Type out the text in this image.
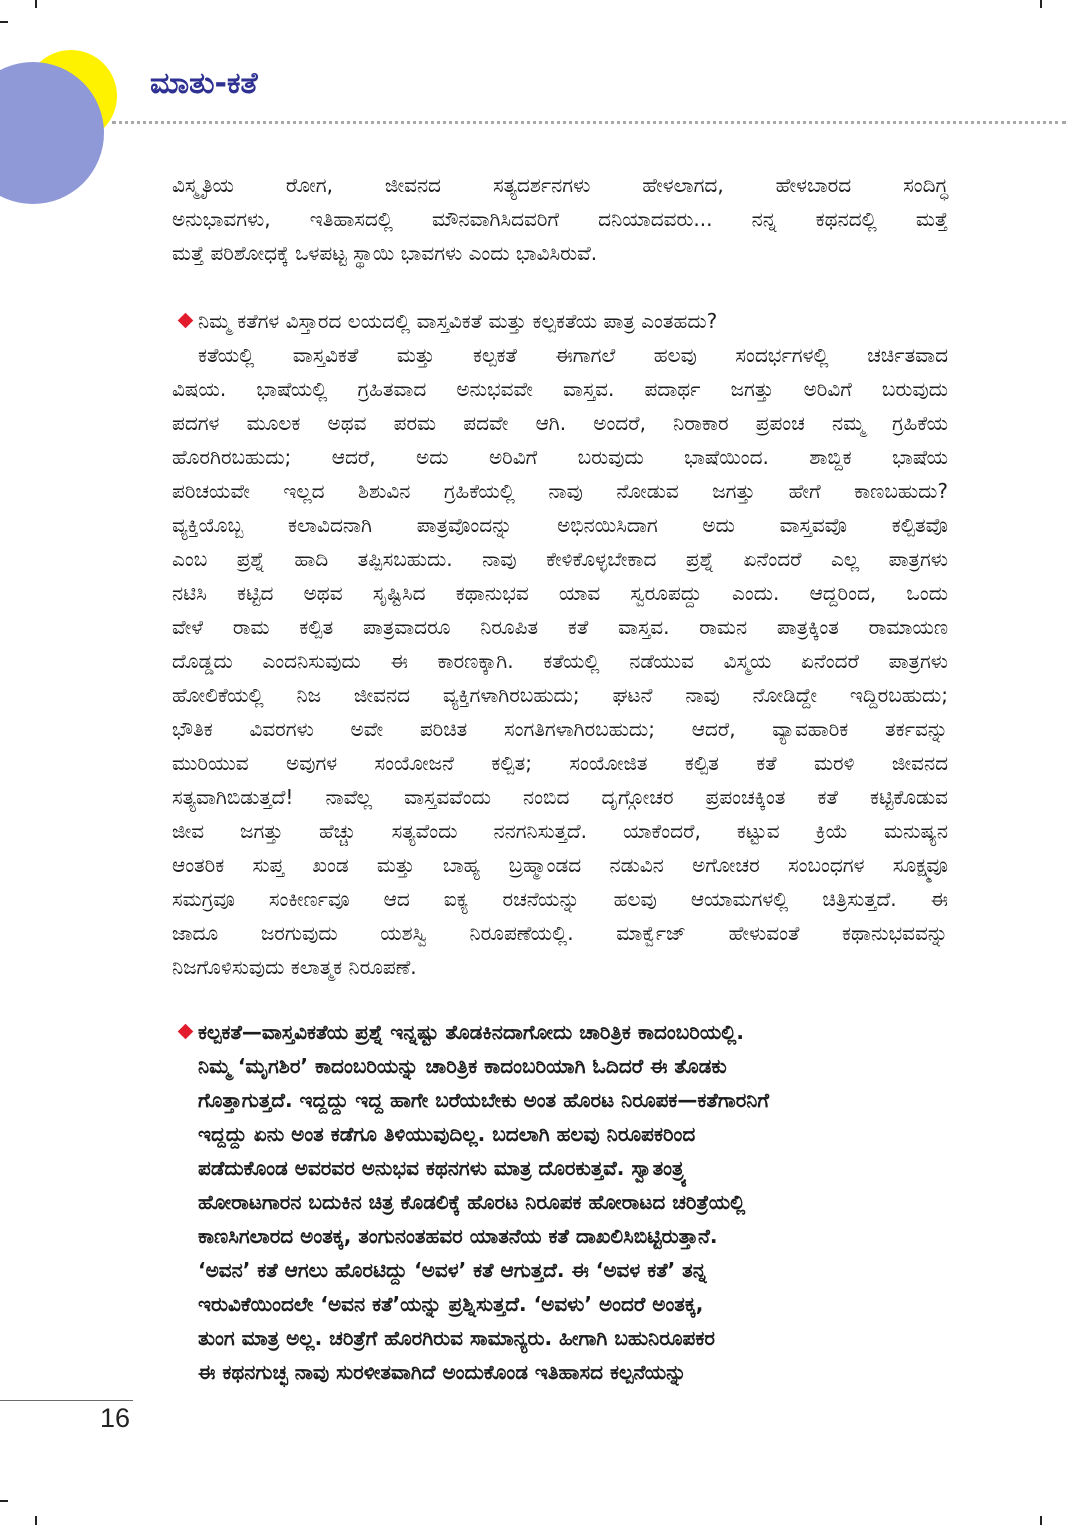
ಮಾತು-ಕತೆ
ವಿಸ್ಮೃತಿಯ ರೋಗ, ಜೀವನದ ಸತ್ಯದರ್ಶನಗಳು ಹೇಳಲಾಗದ, ಹೇಳಬಾರದ ಸಂದಿಗ್ಧ
ಅನುಭಾವಗಳು, ಇತಿಹಾಸದಲ್ಲಿ ಮೌನವಾಗಿಸಿದವರಿಗೆ ದನಿಯಾದವರು... ನನ್ನ ಕಥನದಲ್ಲಿ ಮತ್ತೆ
ಮತ್ತೆ ಪರಿಶೋಧಕ್ಕೆ ಒಳಪಟ್ಟ ಸ್ಥಾಯಿ ಭಾವಗಳು ಎಂದು ಭಾವಿಸಿರುವೆ.
ನಿಮ್ಮ ಕತೆಗಳ ವಿಸ್ತಾರದ ಲಯದಲ್ಲಿ ವಾಸ್ತವಿಕತೆ ಮತ್ತು ಕಲ್ಪಕತೆಯ ಪಾತ್ರ ಎಂತಹದು?
ಕತೆಯಲ್ಲಿ ವಾಸ್ತವಿಕತೆ ಮತ್ತು ಕಲ್ಪಕತೆ ಈಗಾಗಲೆ ಹಲವು ಸಂದರ್ಭಗಳಲ್ಲಿ ಚರ್ಚಿತವಾದ
ವಿಷಯ. ಭಾಷೆಯಲ್ಲಿ ಗ್ರಹಿತವಾದ ಅನುಭವವೇ ವಾಸ್ತವ. ಪದಾರ್ಥ ಜಗತ್ತು ಅರಿವಿಗೆ ಬರುವುದು
ಪದಗಳ ಮೂಲಕ ಅಥವ ಪರಮ ಪದವೇ ಆಗಿ. ಅಂದರೆ, ನಿರಾಕಾರ ಪ್ರಪಂಚ ನಮ್ಮ ಗ್ರಹಿಕೆಯ
ಹೊರಗಿರಬಹುದು; ಆದರೆ, ಅದು ಅರಿವಿಗೆ ಬರುವುದು ಭಾಷೆಯಿಂದ. ಶಾಬ್ದಿಕ ಭಾಷೆಯ
ಪರಿಚಯವೇ ಇಲ್ಲದ ಶಿಶುವಿನ ಗ್ರಹಿಕೆಯಲ್ಲಿ ನಾವು ನೋಡುವ ಜಗತ್ತು ಹೇಗೆ ಕಾಣಬಹುದು?
ವ್ಯಕ್ತಿಯೊಬ್ಬ ಕಲಾವಿದನಾಗಿ ಪಾತ್ರವೊಂದನ್ನು ಅಭಿನಯಿಸಿದಾಗ ಅದು ವಾಸ್ತವವೊ ಕಲ್ಪಿತವೊ
ಎಂಬ ಪ್ರಶ್ನೆ ಹಾದಿ ತಪ್ಪಿಸಬಹುದು. ನಾವು ಕೇಳಿಕೊಳ್ಳಬೇಕಾದ ಪ್ರಶ್ನೆ ಏನೆಂದರೆ ಎಲ್ಲ ಪಾತ್ರಗಳು
ನಟಿಸಿ ಕಟ್ಟಿದ ಅಥವ ಸೃಷ್ಟಿಸಿದ ಕಥಾನುಭವ ಯಾವ ಸ್ವರೂಪದ್ದು ಎಂದು. ಆದ್ದರಿಂದ, ಒಂದು
ವೇಳೆ ರಾಮ ಕಲ್ಪಿತ ಪಾತ್ರವಾದರೂ ನಿರೂಪಿತ ಕತೆ ವಾಸ್ತವ. ರಾಮನ ಪಾತ್ರಕ್ಕಿಂತ ರಾಮಾಯಣ
ದೊಡ್ಡದು ಎಂದನಿಸುವುದು ಈ ಕಾರಣಕ್ಕಾಗಿ. ಕತೆಯಲ್ಲಿ ನಡೆಯುವ ವಿಸ್ಮಯ ಏನೆಂದರೆ ಪಾತ್ರಗಳು
ಹೋಲಿಕೆಯಲ್ಲಿ ನಿಜ ಜೀವನದ ವ್ಯಕ್ತಿಗಳಾಗಿರಬಹುದು; ಘಟನೆ ನಾವು ನೋಡಿದ್ದೇ ಇದ್ದಿರಬಹುದು;
ಭೌತಿಕ ವಿವರಗಳು ಅವೇ ಪರಿಚಿತ ಸಂಗತಿಗಳಾಗಿರಬಹುದು; ಆದರೆ, ವ್ಯಾವಹಾರಿಕ ತರ್ಕವನ್ನು
ಮುರಿಯುವ ಅವುಗಳ ಸಂಯೋಜನೆ ಕಲ್ಪಿತ; ಸಂಯೋಜಿತ ಕಲ್ಪಿತ ಕತೆ ಮರಳಿ ಜೀವನದ
ಸತ್ಯವಾಗಿಬಿಡುತ್ತದೆ! ನಾವೆಲ್ಲ ವಾಸ್ತವವೆಂದು ನಂಬಿದ ದೃಗ್ಗೋಚರ ಪ್ರಪಂಚಕ್ಕಿಂತ ಕತೆ ಕಟ್ಟಿಕೊಡುವ
ಜೀವ ಜಗತ್ತು ಹೆಚ್ಚು ಸತ್ಯವೆಂದು ನನಗನಿಸುತ್ತದೆ. ಯಾಕೆಂದರೆ, ಕಟ್ಟುವ ಕ್ರಿಯೆ ಮನುಷ್ಯನ
ಆಂತರಿಕ ಸುಪ್ತ ಖಂಡ ಮತ್ತು ಬಾಹ್ಯ ಬ್ರಹ್ಮಾಂಡದ ನಡುವಿನ ಅಗೋಚರ ಸಂಬಂಧಗಳ ಸೂಕ್ಷ್ಮವೂ
ಸಮಗ್ರವೂ ಸಂಕೀರ್ಣವೂ ಆದ ಐಕ್ಯ ರಚನೆಯನ್ನು ಹಲವು ಆಯಾಮಗಳಲ್ಲಿ ಚಿತ್ರಿಸುತ್ತದೆ. ಈ
ಜಾದೂ ಜರಗುವುದು ಯಶಸ್ವಿ ನಿರೂಪಣೆಯಲ್ಲಿ. ಮಾರ್ಕ್ವೆಜ್ ಹೇಳುವಂತೆ ಕಥಾನುಭವವನ್ನು
ನಿಜಗೊಳಿಸುವುದು ಕಲಾತ್ಮಕ ನಿರೂಪಣೆ.
ಕಲ್ಪಕತೆ—ವಾಸ್ತವಿಕತೆಯ ಪ್ರಶ್ನೆ ಇನ್ನಷ್ಟು ತೊಡಕಿನದಾಗೋದು ಚಾರಿತ್ರಿಕ ಕಾದಂಬರಿಯಲ್ಲಿ.
ನಿಮ್ಮ ‘ಮೃಗಶಿರ’ ಕಾದಂಬರಿಯನ್ನು ಚಾರಿತ್ರಿಕ ಕಾದಂಬರಿಯಾಗಿ ಓದಿದರೆ ಈ ತೊಡಕು
ಗೊತ್ತಾಗುತ್ತದೆ. ಇದ್ದದ್ದು ಇದ್ದ ಹಾಗೇ ಬರೆಯಬೇಕು ಅಂತ ಹೊರಟ ನಿರೂಪಕ—ಕತೆಗಾರನಿಗೆ
ಇದ್ದದ್ದು ಏನು ಅಂತ ಕಡೆಗೂ ತಿಳಿಯುವುದಿಲ್ಲ. ಬದಲಾಗಿ ಹಲವು ನಿರೂಪಕರಿಂದ
ಪಡೆದುಕೊಂಡ ಅವರವರ ಅನುಭವ ಕಥನಗಳು ಮಾತ್ರ ದೊರಕುತ್ತವೆ. ಸ್ವಾತಂತ್ರ್ಯ
ಹೋರಾಟಗಾರನ ಬದುಕಿನ ಚಿತ್ರ ಕೊಡಲಿಕ್ಕೆ ಹೊರಟ ನಿರೂಪಕ ಹೋರಾಟದ ಚರಿತ್ರೆಯಲ್ಲಿ
ಕಾಣಸಿಗಲಾರದ ಅಂತಕ್ಕ, ತಂಗುನಂತಹವರ ಯಾತನೆಯ ಕತೆ ದಾಖಲಿಸಿಬಿಟ್ಟಿರುತ್ತಾನೆ.
‘ಅವನ’ ಕತೆ ಆಗಲು ಹೊರಟಿದ್ದು ‘ಅವಳ’ ಕತೆ ಆಗುತ್ತದೆ. ಈ ‘ಅವಳ ಕತೆ’ ತನ್ನ
ಇರುವಿಕೆಯಿಂದಲೇ ‘ಅವನ ಕತೆ’ಯನ್ನು ಪ್ರಶ್ನಿಸುತ್ತದೆ. ‘ಅವಳು’ ಅಂದರೆ ಅಂತಕ್ಕ,
ತುಂಗ ಮಾತ್ರ ಅಲ್ಲ. ಚರಿತ್ರೆಗೆ ಹೊರಗಿರುವ ಸಾಮಾನ್ಯರು. ಹೀಗಾಗಿ ಬಹುನಿರೂಪಕರ
ಈ ಕಥನಗುಚ್ಛ ನಾವು ಸುರಳೀತವಾಗಿದೆ ಅಂದುಕೊಂಡ ಇತಿಹಾಸದ ಕಲ್ಪನೆಯನ್ನು
16
